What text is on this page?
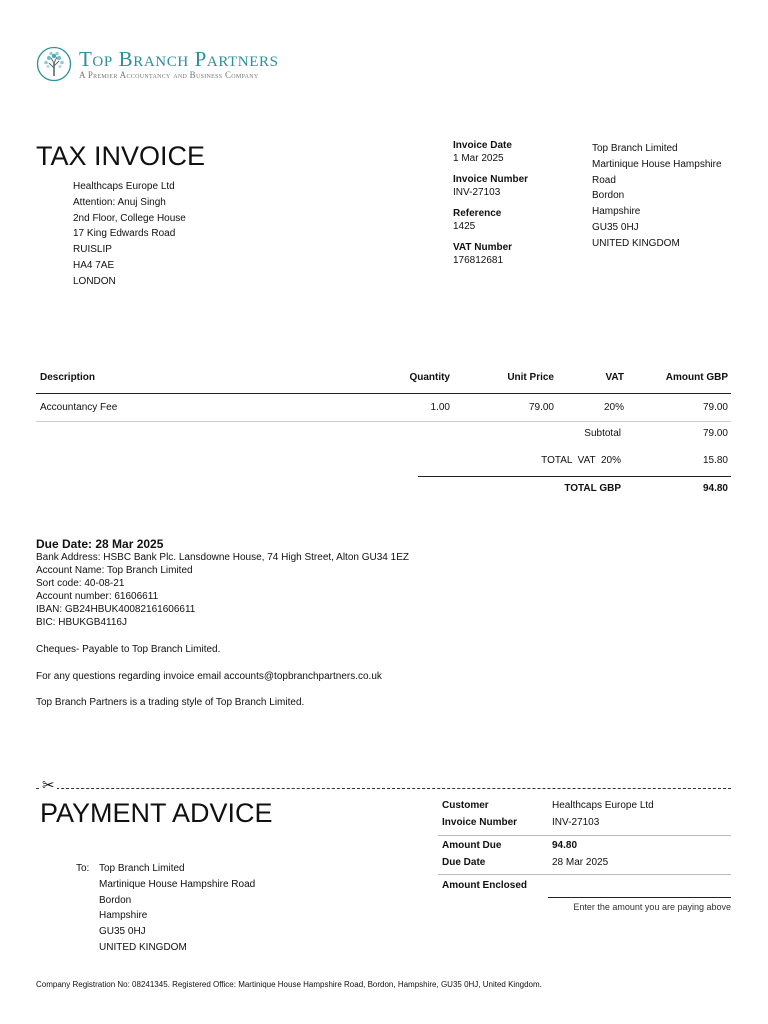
Top Branch Partners
A Premier Accountancy and Business Company
TAX INVOICE
Healthcaps Europe Ltd
Attention: Anuj Singh
2nd Floor, College House
17 King Edwards Road
RUISLIP
HA4 7AE
LONDON
Invoice Date
1 Mar 2025
Invoice Number
INV-27103
Reference
1425
VAT Number
176812681
Top Branch Limited
Martinique House Hampshire
Road
Bordon
Hampshire
GU35 0HJ
UNITED KINGDOM
Description	Quantity	Unit Price	VAT	Amount GBP
Accountancy Fee	1.00	79.00	20%	79.00
Subtotal	79.00
TOTAL  VAT  20%	15.80
TOTAL GBP	94.80
Due Date: 28 Mar 2025
Bank Address: HSBC Bank Plc. Lansdowne House, 74 High Street, Alton GU34 1EZ
Account Name: Top Branch Limited
Sort code: 40-08-21
Account number: 61606611
IBAN: GB24HBUK40082161606611
BIC: HBUKGB4116J
Cheques- Payable to Top Branch Limited.
For any questions regarding invoice email accounts@topbranchpartners.co.uk
Top Branch Partners is a trading style of Top Branch Limited.
✂
PAYMENT ADVICE
To: Top Branch Limited
Martinique House Hampshire Road
Bordon
Hampshire
GU35 0HJ
UNITED KINGDOM
Customer	Healthcaps Europe Ltd
Invoice Number	INV-27103
Amount Due	94.80
Due Date	28 Mar 2025
Amount Enclosed
Enter the amount you are paying above
Company Registration No: 08241345. Registered Office: Martinique House Hampshire Road, Bordon, Hampshire, GU35 0HJ, United Kingdom.
